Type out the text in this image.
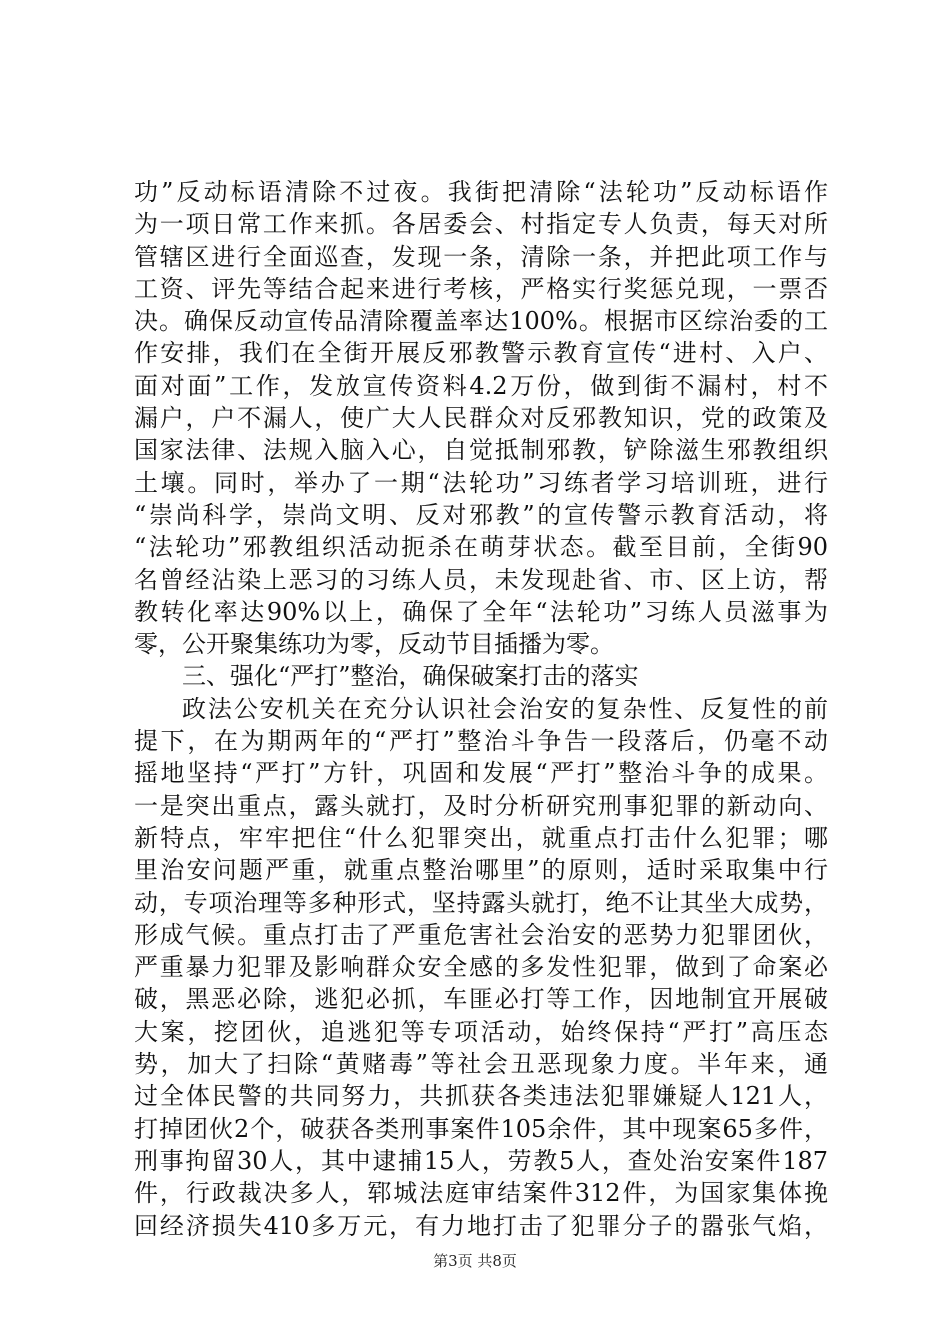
功”反动标语清除不过夜。我街把清除“法轮功”反动标语作
为一项日常工作来抓。各居委会、村指定专人负责，每天对所
管辖区进行全面巡查，发现一条，清除一条，并把此项工作与
工资、评先等结合起来进行考核，严格实行奖惩兑现，一票否
决。确保反动宣传品清除覆盖率达100%。根据市区综治委的工
作安排，我们在全街开展反邪教警示教育宣传“进村、入户、
面对面”工作，发放宣传资料4.2万份，做到街不漏村，村不
漏户，户不漏人，使广大人民群众对反邪教知识，党的政策及
国家法律、法规入脑入心，自觉抵制邪教，铲除滋生邪教组织
土壤。同时，举办了一期“法轮功”习练者学习培训班，进行
“崇尚科学，崇尚文明、反对邪教”的宣传警示教育活动，将
“法轮功”邪教组织活动扼杀在萌芽状态。截至目前，全街90
名曾经沾染上恶习的习练人员，未发现赴省、市、区上访，帮
教转化率达90%以上，确保了全年“法轮功”习练人员滋事为
零，公开聚集练功为零，反动节目插播为零。
三、强化“严打”整治，确保破案打击的落实
政法公安机关在充分认识社会治安的复杂性、反复性的前
提下，在为期两年的“严打”整治斗争告一段落后，仍毫不动
摇地坚持“严打”方针，巩固和发展“严打”整治斗争的成果。
一是突出重点，露头就打，及时分析研究刑事犯罪的新动向、
新特点，牢牢把住“什么犯罪突出，就重点打击什么犯罪；哪
里治安问题严重，就重点整治哪里”的原则，适时采取集中行
动，专项治理等多种形式，坚持露头就打，绝不让其坐大成势，
形成气候。重点打击了严重危害社会治安的恶势力犯罪团伙，
严重暴力犯罪及影响群众安全感的多发性犯罪，做到了命案必
破，黑恶必除，逃犯必抓，车匪必打等工作，因地制宜开展破
大案，挖团伙，追逃犯等专项活动，始终保持“严打”高压态
势，加大了扫除“黄赌毒”等社会丑恶现象力度。半年来，通
过全体民警的共同努力，共抓获各类违法犯罪嫌疑人121人，
打掉团伙2个，破获各类刑事案件105余件，其中现案65多件，
刑事拘留30人，其中逮捕15人，劳教5人，查处治安案件187
件，行政裁决多人，郓城法庭审结案件312件，为国家集体挽
回经济损失410多万元，有力地打击了犯罪分子的嚣张气焰，
第3页 共8页
